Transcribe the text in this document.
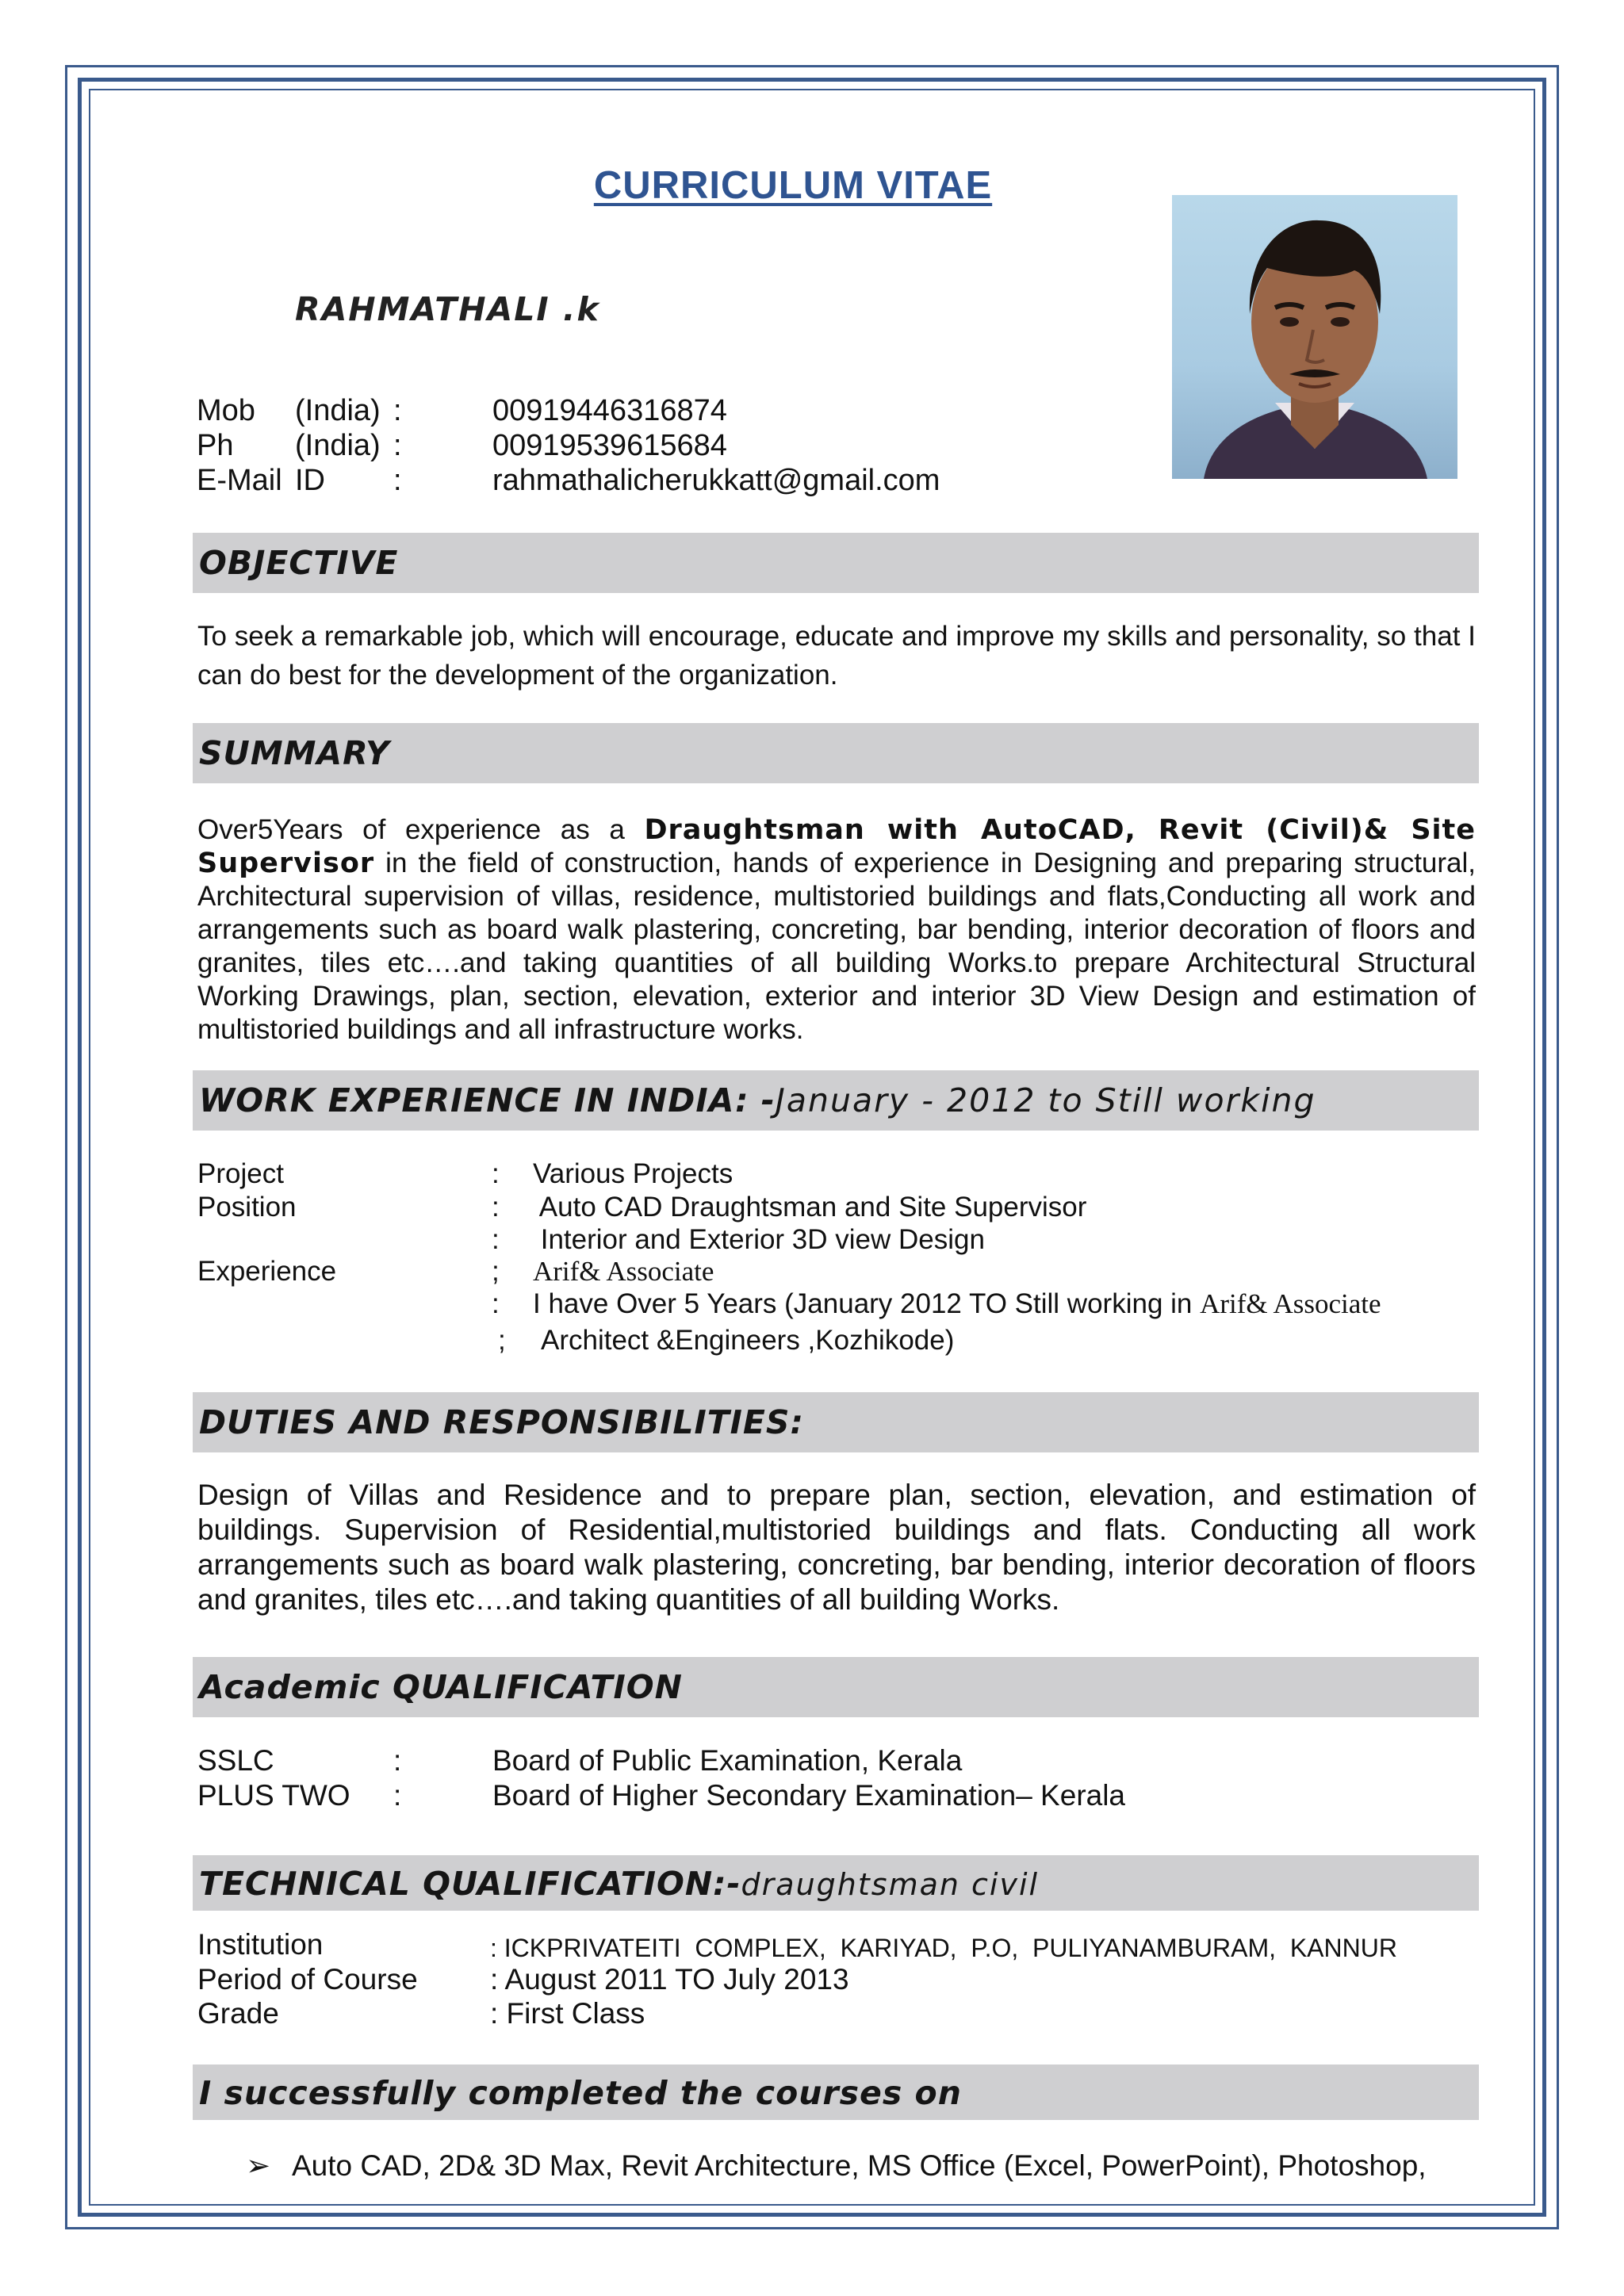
CURRICULUM VITAE
RAHMATHALI .k
Mob (India) :	00919446316874
Ph (India) :	00919539615684
E-Mail ID :	rahmathalicherukkatt@gmail.com
OBJECTIVE
To seek a remarkable job, which will encourage, educate and improve my skills and personality, so that I can do best for the development of the organization.
SUMMARY
Over5Years of experience as a Draughtsman with AutoCAD, Revit (Civil)& Site Supervisor in the field of construction, hands of experience in Designing and preparing structural, Architectural supervision of villas, residence, multistoried buildings and flats,Conducting all work and arrangements such as board walk plastering, concreting, bar bending, interior decoration of floors and granites, tiles etc….and taking quantities of all building Works.to prepare Architectural Structural Working Drawings, plan, section, elevation, exterior and interior 3D View Design and estimation of multistoried buildings and all infrastructure works.
WORK EXPERIENCE IN INDIA: -January - 2012 to Still working
Project	: Various Projects
Position	: Auto CAD Draughtsman and Site Supervisor
: Interior and Exterior 3D view Design
Experience	; Arif& Associate
: I have Over 5 Years (January 2012 TO Still working in Arif& Associate
; Architect &Engineers ,Kozhikode)
DUTIES AND RESPONSIBILITIES:
Design of Villas and Residence and to prepare plan, section, elevation, and estimation of buildings. Supervision of Residential,multistoried buildings and flats. Conducting all work arrangements such as board walk plastering, concreting, bar bending, interior decoration of floors and granites, tiles etc….and taking quantities of all building Works.
Academic QUALIFICATION
SSLC	:	Board of Public Examination, Kerala
PLUS TWO :	Board of Higher Secondary Examination– Kerala
TECHNICAL QUALIFICATION:-draughtsman civil
Institution	: ICKPRIVATEITI  COMPLEX,  KARIYAD,  P.O,  PULIYANAMBURAM,  KANNUR
Period of Course : August 2011 TO July 2013
Grade	: First Class
I successfully completed the courses on
➢ Auto CAD, 2D& 3D Max, Revit Architecture, MS Office (Excel, PowerPoint), Photoshop,
